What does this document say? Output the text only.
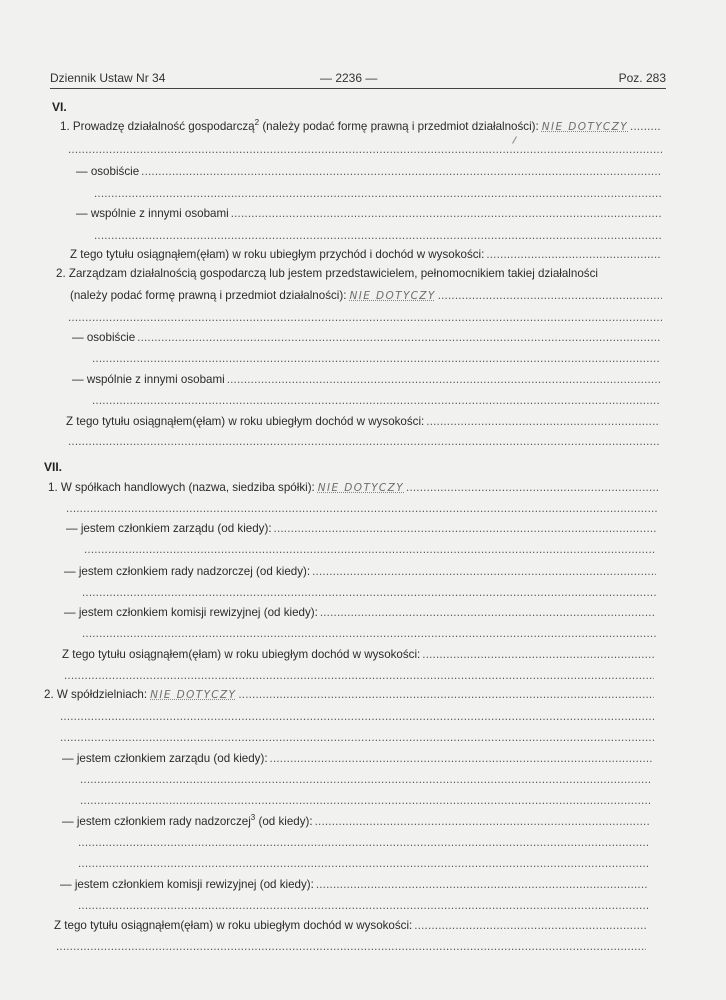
Dziennik Ustaw Nr 34	— 2236 —	Poz. 283
VI.
1. Prowadzę działalność gospodarczą$^2$ (należy podać formę prawną i przedmiot działalności): NIE DOTYCZY
.....
.....
— osobiście
.....
.....
— wspólnie z innymi osobami
.....
.....
Z tego tytułu osiągnąłem(ęłam) w roku ubiegłym przychód i dochód w wysokości:
.....
2. Zarządzam działalnością gospodarczą lub jestem przedstawicielem, pełnomocnikiem takiej działalności
(należy podać formę prawną i przedmiot działalności): NIE DOTYCZY
.....
.....
— osobiście
.....
.....
— wspólnie z innymi osobami
.....
.....
Z tego tytułu osiągnąłem(ęłam) w roku ubiegłym dochód w wysokości:
.....
.....
VII.
1. W spółkach handlowych (nazwa, siedziba spółki): NIE DOTYCZY
.....
.....
— jestem członkiem zarządu (od kiedy):
.....
.....
— jestem członkiem rady nadzorczej (od kiedy):
.....
.....
— jestem członkiem komisji rewizyjnej (od kiedy):
.....
.....
Z tego tytułu osiągnąłem(ęłam) w roku ubiegłym dochód w wysokości:
.....
.....
2. W spółdzielniach: NIE DOTYCZY
.....
.....
.....
— jestem członkiem zarządu (od kiedy):
.....
.....
.....
— jestem członkiem rady nadzorczej$^3$ (od kiedy):
.....
.....
.....
— jestem członkiem komisji rewizyjnej (od kiedy):
.....
.....
Z tego tytułu osiągnąłem(ęłam) w roku ubiegłym dochód w wysokości:
.....
.....
